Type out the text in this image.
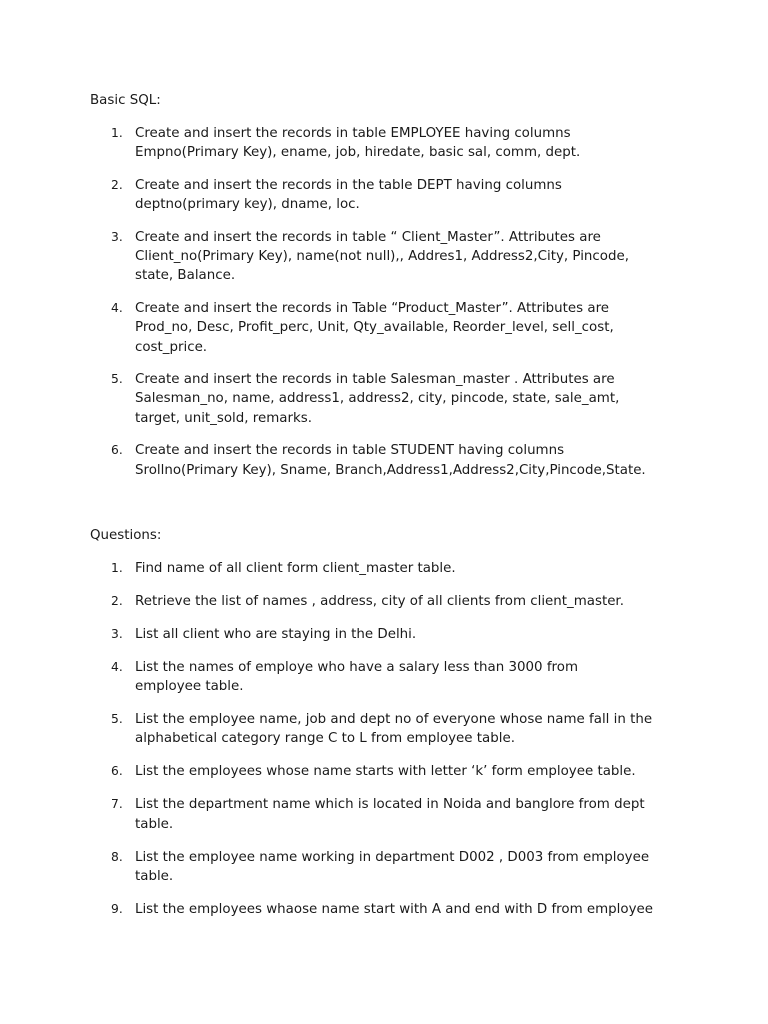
Basic SQL:
1. Create and insert the records in table EMPLOYEE having columns
Empno(Primary Key), ename, job, hiredate, basic sal, comm, dept.
2. Create and insert the records in the table DEPT having columns
deptno(primary key), dname, loc.
3. Create and insert the records in table “ Client_Master”. Attributes are
Client_no(Primary Key), name(not null),, Addres1, Address2,City, Pincode,
state, Balance.
4. Create and insert the records in Table “Product_Master”. Attributes are
Prod_no, Desc, Profit_perc, Unit, Qty_available, Reorder_level, sell_cost,
cost_price.
5. Create and insert the records in table Salesman_master . Attributes are
Salesman_no, name, address1, address2, city, pincode, state, sale_amt,
target, unit_sold, remarks.
6. Create and insert the records in table STUDENT having columns
Srollno(Primary Key), Sname, Branch,Address1,Address2,City,Pincode,State.
Questions:
1. Find name of all client form client_master table.
2. Retrieve the list of names , address, city of all clients from client_master.
3. List all client who are staying in the Delhi.
4. List the names of employe who have a salary less than 3000 from
employee table.
5. List the employee name, job and dept no of everyone whose name fall in the
alphabetical category range C to L from employee table.
6. List the employees whose name starts with letter ‘k’ form employee table.
7. List the department name which is located in Noida and banglore from dept
table.
8. List the employee name working in department D002 , D003 from employee
table.
9. List the employees whaose name start with A and end with D from employee
